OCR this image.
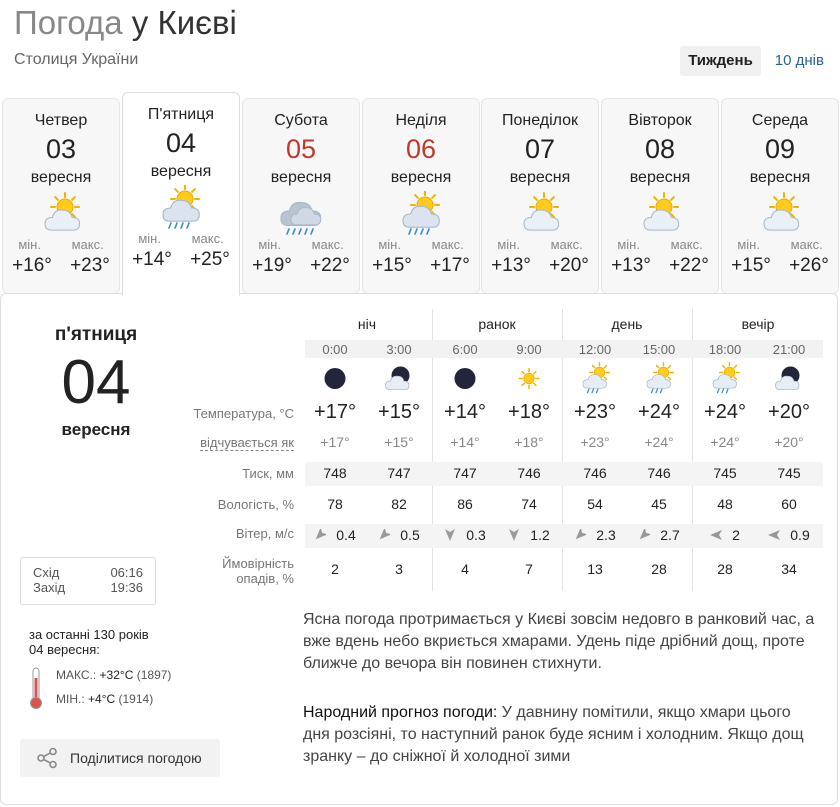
Погода у Києві
Столиця України	Тиждень	10 днів
Четвер
03
вересня
мін. макс.
+16° +23°
П'ятниця
04
вересня
мін. макс.
+14° +25°
Субота
05
вересня
мін. макс.
+19° +22°
Неділя
06
вересня
мін. макс.
+15° +17°
Понеділок
07
вересня
мін. макс.
+13° +20°
Вівторок
08
вересня
мін. макс.
+13° +22°
Середа
09
вересня
мін. макс.
+15° +26°
п'ятниця
04
вересня
Схід	06:16
Захід	19:36
за останні 130 років
04 вересня:
МАКС.: +32°C (1897)
МІН.: +4°C (1914)
Поділитися погодою
ніч	ранок	день	вечір
0:00	3:00	6:00	9:00	12:00	15:00	18:00	21:00
Температура, °C	+17°	+15°	+14°	+18°	+23°	+24°	+24°	+20°
відчувається як	+17°	+15°	+14°	+18°	+23°	+24°	+24°	+20°
Тиск, мм	748	747	747	746	746	746	745	745
Вологість, %	78	82	86	74	54	45	48	60
Вітер, м/c	0.4	0.5	0.3	1.2	2.3	2.7	2	0.9
Ймовірність
опадів, %
2	3	4	7	13	28	28	34
Ясна погода протримається у Києві зовсім недовго в ранковий час, а вже вдень небо вкриється хмарами. Удень піде дрібний дощ, проте ближче до вечора він повинен стихнути.
Народний прогноз погоди: У давнину помітили, якщо хмари цього дня розсіяні, то наступний ранок буде ясним і холодним. Якщо дощ зранку – до сніжної й холодної зими
